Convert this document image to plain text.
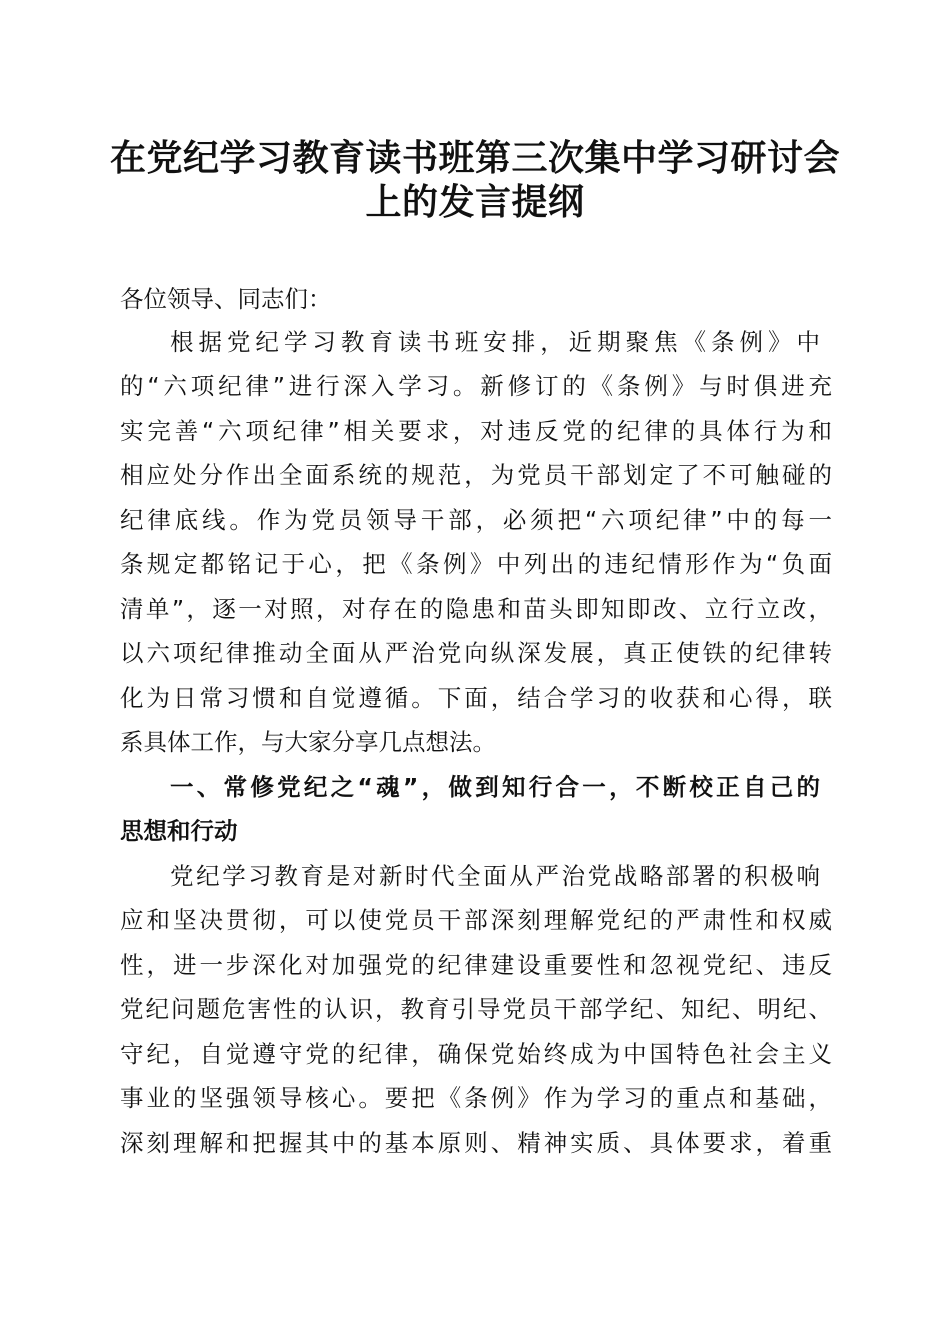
在党纪学习教育读书班第三次集中学习研讨会
上的发言提纲
各位领导、同志们：
根据党纪学习教育读书班安排，近期聚焦《条例》中
的“六项纪律”进行深入学习。新修订的《条例》与时俱进充
实完善“六项纪律”相关要求，对违反党的纪律的具体行为和
相应处分作出全面系统的规范，为党员干部划定了不可触碰的
纪律底线。作为党员领导干部，必须把“六项纪律”中的每一
条规定都铭记于心，把《条例》中列出的违纪情形作为“负面
清单”，逐一对照，对存在的隐患和苗头即知即改、立行立改，
以六项纪律推动全面从严治党向纵深发展，真正使铁的纪律转
化为日常习惯和自觉遵循。下面，结合学习的收获和心得，联
系具体工作，与大家分享几点想法。
一、常修党纪之“魂”，做到知行合一，不断校正自己的
思想和行动
党纪学习教育是对新时代全面从严治党战略部署的积极响
应和坚决贯彻，可以使党员干部深刻理解党纪的严肃性和权威
性，进一步深化对加强党的纪律建设重要性和忽视党纪、违反
党纪问题危害性的认识，教育引导党员干部学纪、知纪、明纪、
守纪，自觉遵守党的纪律，确保党始终成为中国特色社会主义
事业的坚强领导核心。要把《条例》作为学习的重点和基础，
深刻理解和把握其中的基本原则、精神实质、具体要求，着重
